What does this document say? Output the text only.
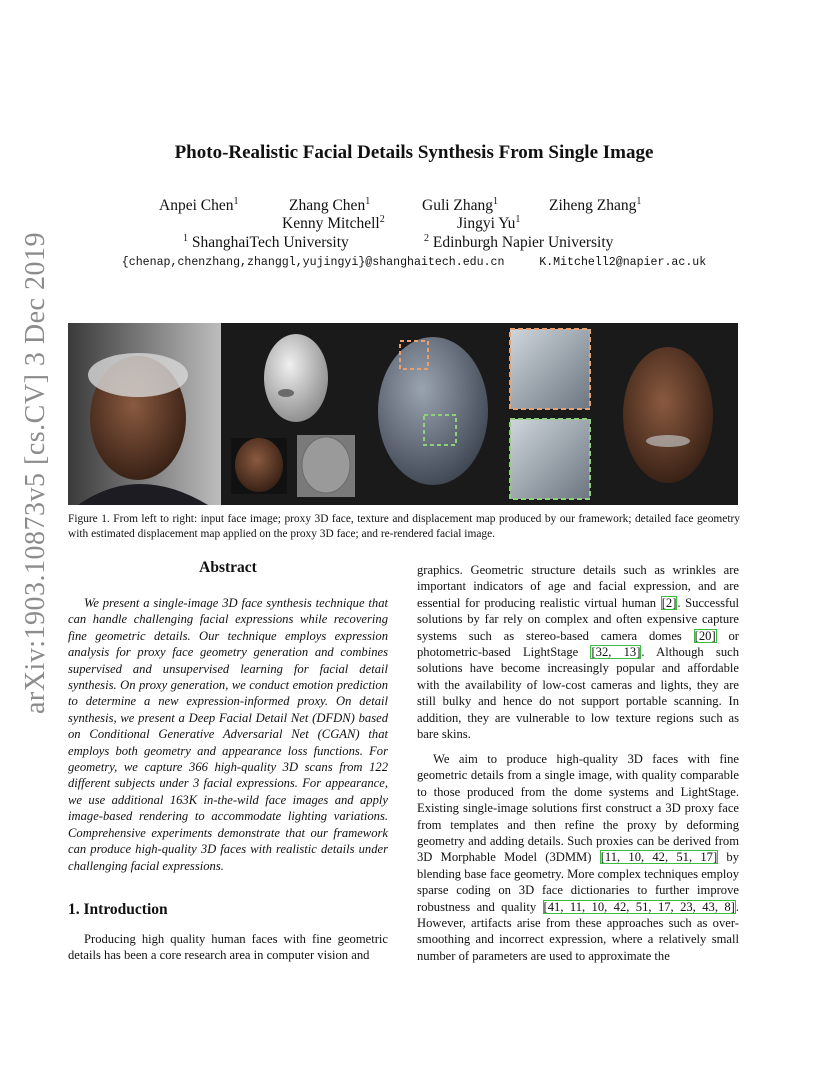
arXiv:1903.10873v5 [cs.CV] 3 Dec 2019
Photo-Realistic Facial Details Synthesis From Single Image
Anpei Chen$^1$	Zhang Chen$^1$	Guli Zhang$^1$	Ziheng Zhang$^1$
Kenny Mitchell$^2$	Jingyi Yu$^1$
$^1$ ShanghaiTech University	$^2$ Edinburgh Napier University
{chenap,chenzhang,zhanggl,yujingyi}@shanghaitech.edu.cn     K.Mitchell2@napier.ac.uk
Figure 1. From left to right: input face image; proxy 3D face, texture and displacement map produced by our framework; detailed face geometry with estimated displacement map applied on the proxy 3D face; and re-rendered facial image.
Abstract
We present a single-image 3D face synthesis technique that can handle challenging facial expressions while recovering fine geometric details. Our technique employs expression analysis for proxy face geometry generation and combines supervised and unsupervised learning for facial detail synthesis. On proxy generation, we conduct emotion prediction to determine a new expression-informed proxy. On detail synthesis, we present a Deep Facial Detail Net (DFDN) based on Conditional Generative Adversarial Net (CGAN) that employs both geometry and appearance loss functions. For geometry, we capture 366 high-quality 3D scans from 122 different subjects under 3 facial expressions. For appearance, we use additional 163K in-the-wild face images and apply image-based rendering to accommodate lighting variations. Comprehensive experiments demonstrate that our framework can produce high-quality 3D faces with realistic details under challenging facial expressions.
1. Introduction
Producing high quality human faces with fine geometric details has been a core research area in computer vision and
graphics. Geometric structure details such as wrinkles are important indicators of age and facial expression, and are essential for producing realistic virtual human [2]. Successful solutions by far rely on complex and often expensive capture systems such as stereo-based camera domes [20] or photometric-based LightStage [32, 13]. Although such solutions have become increasingly popular and affordable with the availability of low-cost cameras and lights, they are still bulky and hence do not support portable scanning. In addition, they are vulnerable to low texture regions such as bare skins.
We aim to produce high-quality 3D faces with fine geometric details from a single image, with quality comparable to those produced from the dome systems and LightStage. Existing single-image solutions first construct a 3D proxy face from templates and then refine the proxy by deforming geometry and adding details. Such proxies can be derived from 3D Morphable Model (3DMM) [11, 10, 42, 51, 17] by blending base face geometry. More complex techniques employ sparse coding on 3D face dictionaries to further improve robustness and quality [41, 11, 10, 42, 51, 17, 23, 43, 8]. However, artifacts arise from these approaches such as over-smoothing and incorrect expression, where a relatively small number of parameters are used to approximate the
